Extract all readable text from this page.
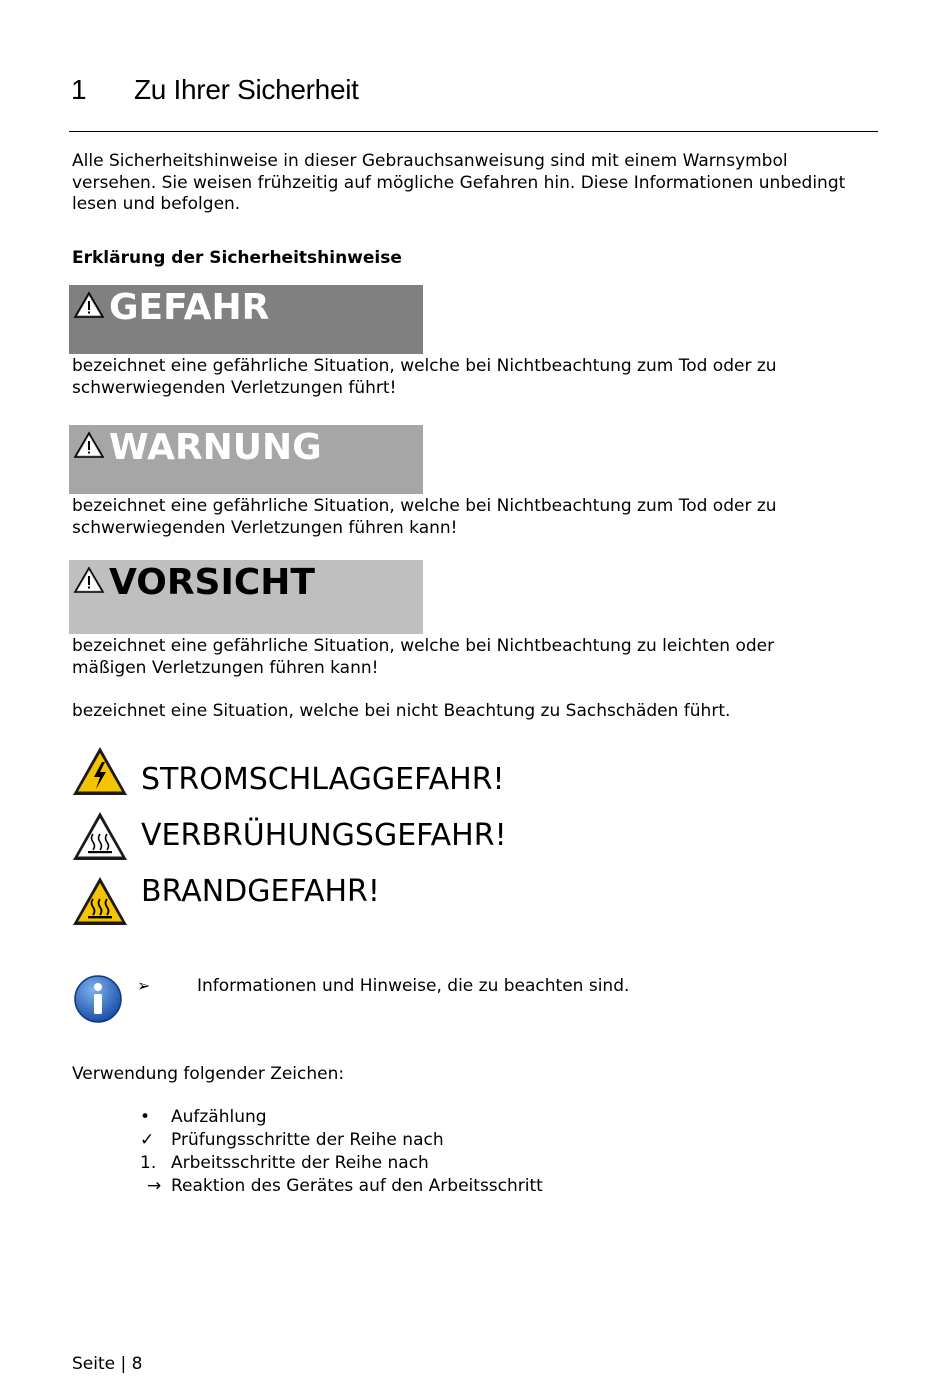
1 Zu Ihrer Sicherheit
Alle Sicherheitshinweise in dieser Gebrauchsanweisung sind mit einem Warnsymbol versehen. Sie weisen frühzeitig auf mögliche Gefahren hin. Diese Informationen unbedingt lesen und befolgen.
Erklärung der Sicherheitshinweise
GEFAHR
bezeichnet eine gefährliche Situation, welche bei Nichtbeachtung zum Tod oder zu schwerwiegenden Verletzungen führt!
WARNUNG
bezeichnet eine gefährliche Situation, welche bei Nichtbeachtung zum Tod oder zu schwerwiegenden Verletzungen führen kann!
VORSICHT
bezeichnet eine gefährliche Situation, welche bei Nichtbeachtung zu leichten oder mäßigen Verletzungen führen kann!
bezeichnet eine Situation, welche bei nicht Beachtung zu Sachschäden führt.
STROMSCHLAGGEFAHR!
VERBRÜHUNGSGEFAHR!
BRANDGEFAHR!
➢	Informationen und Hinweise, die zu beachten sind.
Verwendung folgender Zeichen:
•	Aufzählung
✓ Prüfungsschritte der Reihe nach
1. Arbeitsschritte der Reihe nach
→ Reaktion des Gerätes auf den Arbeitsschritt
Seite | 8
